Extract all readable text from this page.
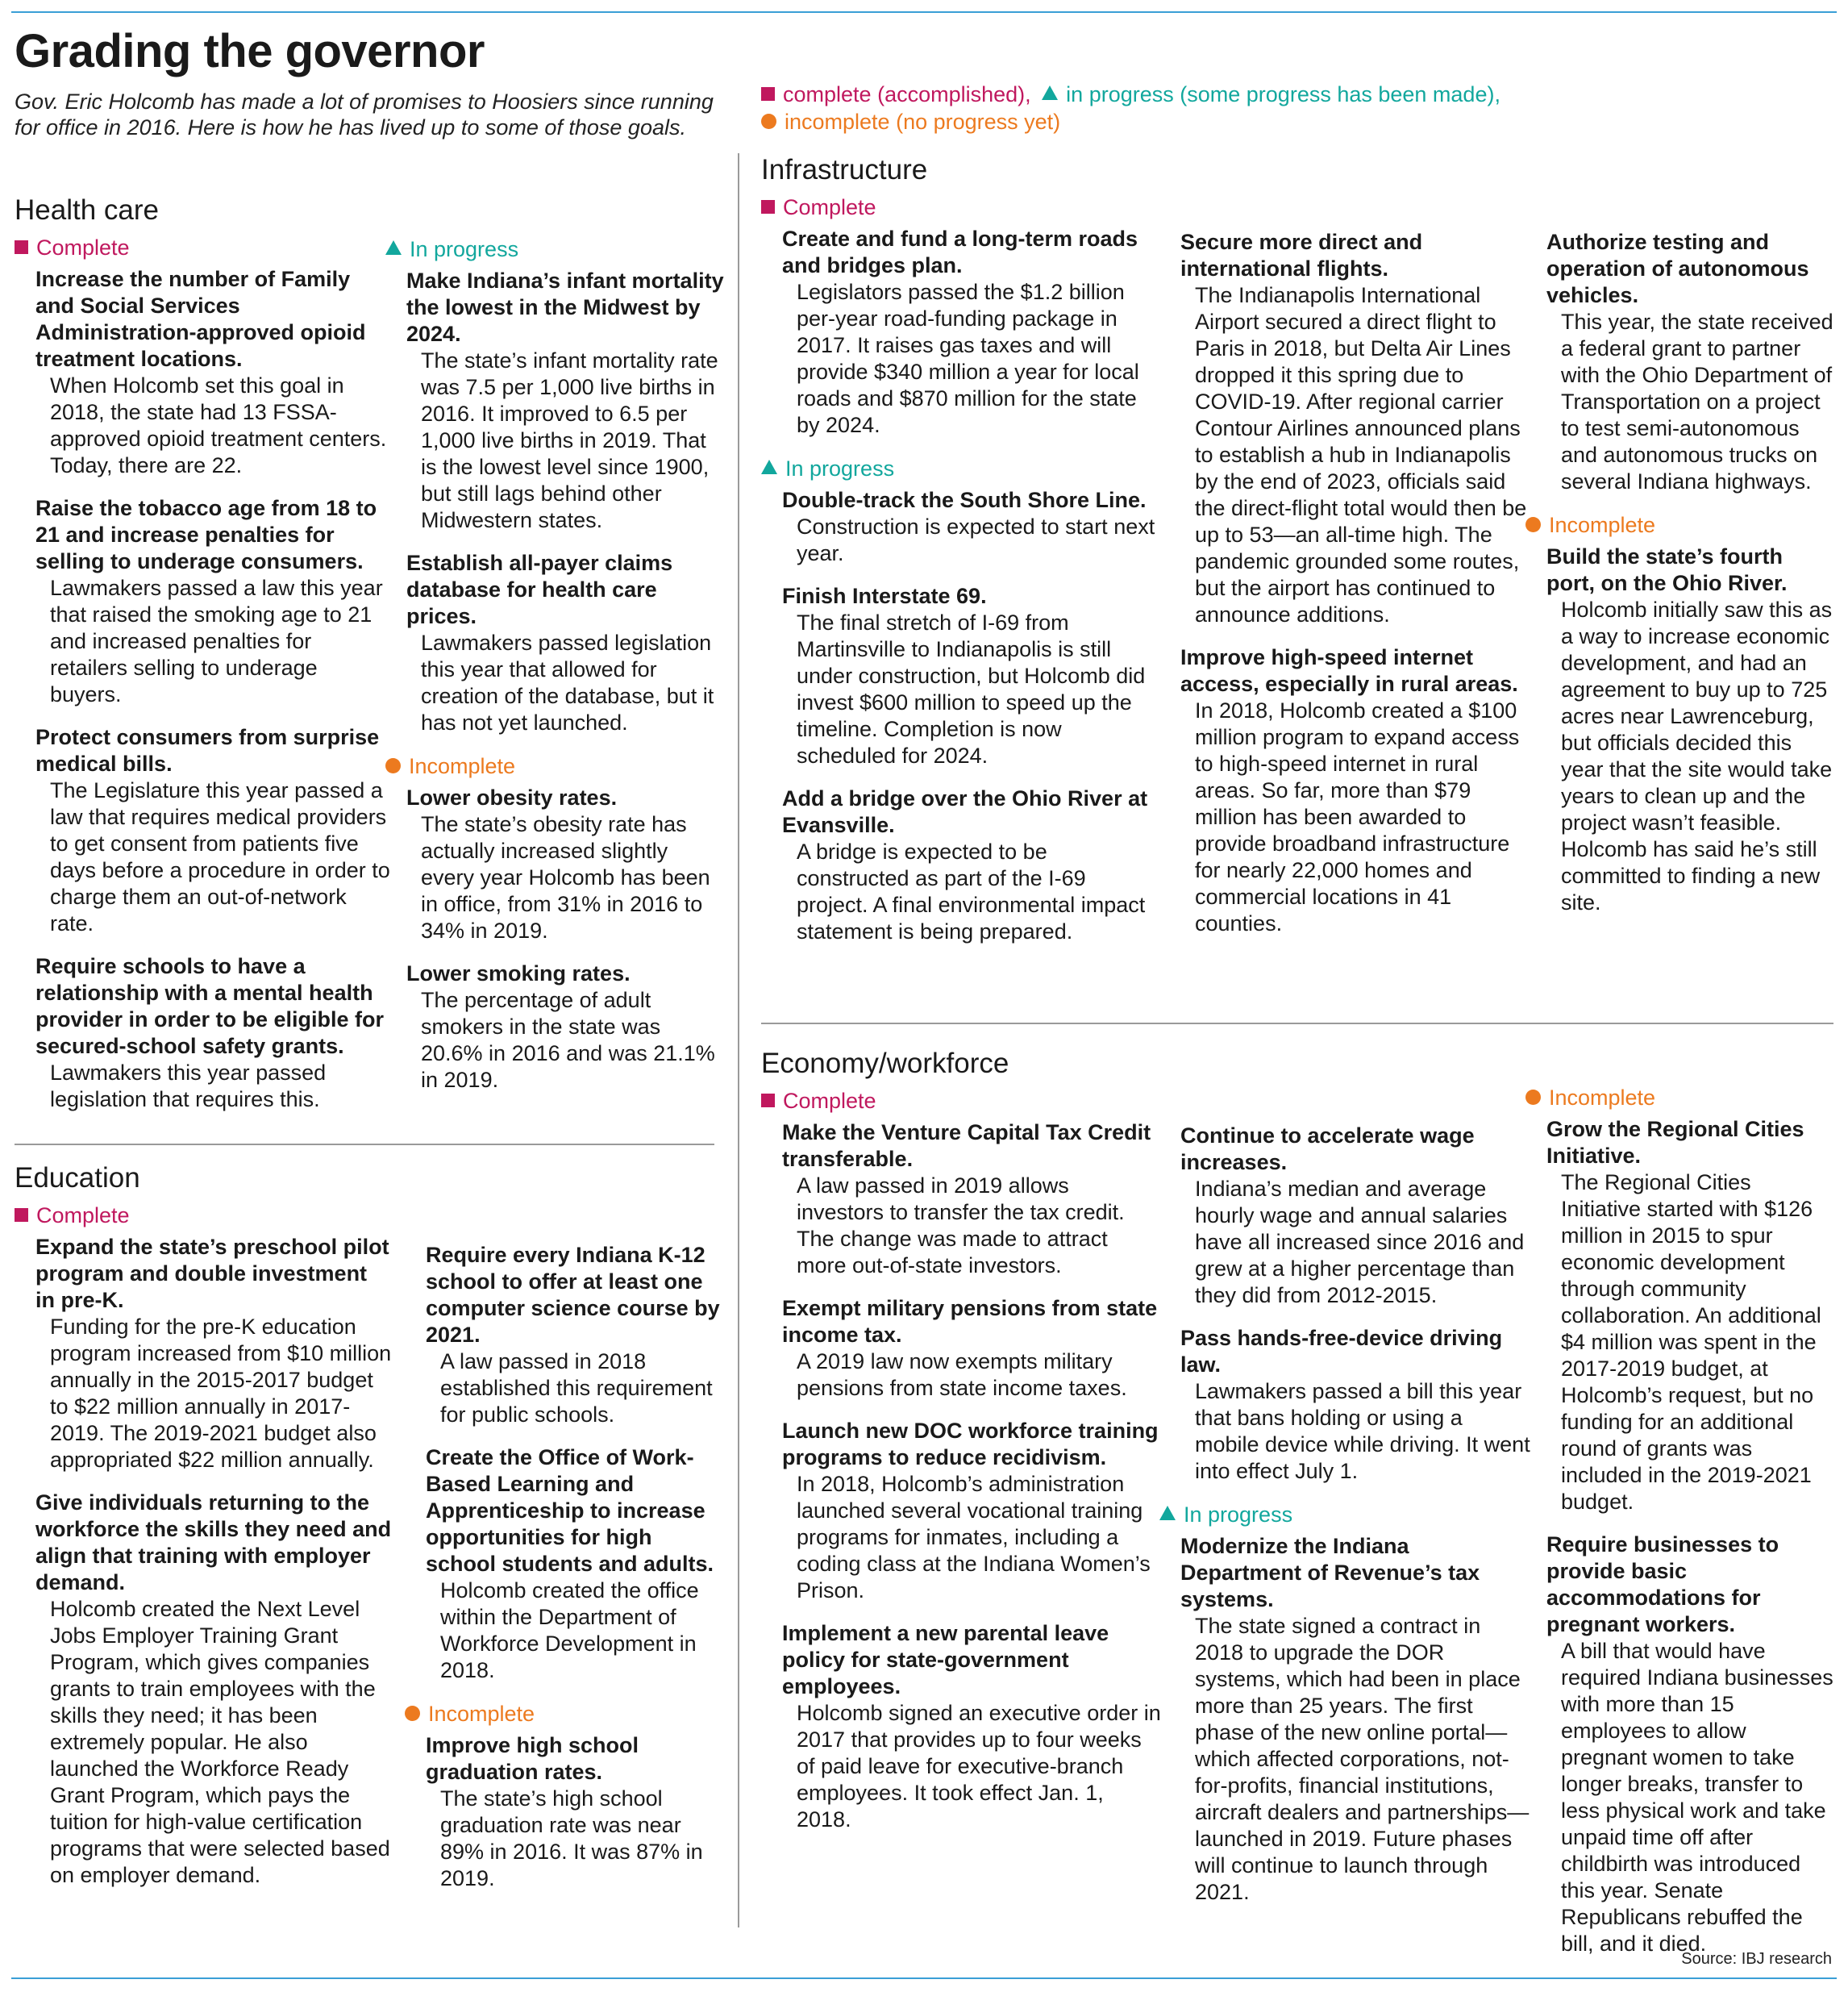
Grading the governor
Gov. Eric Holcomb has made a lot of promises to Hoosiers since running for office in 2016. Here is how he has lived up to some of those goals.
complete (accomplished), in progress (some progress has been made),
incomplete (no progress yet)
Health care
Complete
Increase the number of Family and Social Services Administration-approved opioid treatment locations.
When Holcomb set this goal in 2018, the state had 13 FSSA-approved opioid treatment centers. Today, there are 22.
Raise the tobacco age from 18 to 21 and increase penalties for selling to underage consumers.
Lawmakers passed a law this year that raised the smoking age to 21 and increased penalties for retailers selling to underage buyers.
Protect consumers from surprise medical bills.
The Legislature this year passed a law that requires medical providers to get consent from patients five days before a procedure in order to charge them an out-of-network rate.
Require schools to have a relationship with a mental health provider in order to be eligible for secured-school safety grants.
Lawmakers this year passed legislation that requires this.
In progress
Make Indiana’s infant mortality the lowest in the Midwest by 2024.
The state’s infant mortality rate was 7.5 per 1,000 live births in 2016. It improved to 6.5 per 1,000 live births in 2019. That is the lowest level since 1900, but still lags behind other Midwestern states.
Establish all-payer claims database for health care prices.
Lawmakers passed legislation this year that allowed for creation of the database, but it has not yet launched.
Incomplete
Lower obesity rates.
The state’s obesity rate has actually increased slightly every year Holcomb has been in office, from 31% in 2016 to 34% in 2019.
Lower smoking rates.
The percentage of adult smokers in the state was 20.6% in 2016 and was 21.1% in 2019.
Education
Complete
Expand the state’s preschool pilot program and double investment in pre-K.
Funding for the pre-K education program increased from $10 million annually in the 2015-2017 budget to $22 million annually in 2017-2019. The 2019-2021 budget also appropriated $22 million annually.
Give individuals returning to the workforce the skills they need and align that training with employer demand.
Holcomb created the Next Level Jobs Employer Training Grant Program, which gives companies grants to train employees with the skills they need; it has been extremely popular. He also launched the Workforce Ready Grant Program, which pays the tuition for high-value certification programs that were selected based on employer demand.
Require every Indiana K-12 school to offer at least one computer science course by 2021.
A law passed in 2018 established this requirement for public schools.
Create the Office of Work-Based Learning and Apprenticeship to increase opportunities for high school students and adults.
Holcomb created the office within the Department of Workforce Development in 2018.
Incomplete
Improve high school graduation rates.
The state’s high school graduation rate was near 89% in 2016. It was 87% in 2019.
Infrastructure
Complete
Create and fund a long-term roads and bridges plan.
Legislators passed the $1.2 billion per-year road-funding package in 2017. It raises gas taxes and will provide $340 million a year for local roads and $870 million for the state by 2024.
In progress
Double-track the South Shore Line.
Construction is expected to start next year.
Finish Interstate 69.
The final stretch of I-69 from Martinsville to Indianapolis is still under construction, but Holcomb did invest $600 million to speed up the timeline. Completion is now scheduled for 2024.
Add a bridge over the Ohio River at Evansville.
A bridge is expected to be constructed as part of the I-69 project. A final environmental impact statement is being prepared.
Secure more direct and international flights.
The Indianapolis International Airport secured a direct flight to Paris in 2018, but Delta Air Lines dropped it this spring due to COVID-19. After regional carrier Contour Airlines announced plans to establish a hub in Indianapolis by the end of 2023, officials said the direct-flight total would then be up to 53—an all-time high. The pandemic grounded some routes, but the airport has continued to announce additions.
Improve high-speed internet access, especially in rural areas.
In 2018, Holcomb created a $100 million program to expand access to high-speed internet in rural areas. So far, more than $79 million has been awarded to provide broadband infrastructure for nearly 22,000 homes and commercial locations in 41 counties.
Authorize testing and operation of autonomous vehicles.
This year, the state received a federal grant to partner with the Ohio Department of Transportation on a project to test semi-autonomous and autonomous trucks on several Indiana highways.
Incomplete
Build the state’s fourth port, on the Ohio River.
Holcomb initially saw this as a way to increase economic development, and had an agreement to buy up to 725 acres near Lawrenceburg, but officials decided this year that the site would take years to clean up and the project wasn’t feasible. Holcomb has said he’s still committed to finding a new site.
Economy/workforce
Complete
Make the Venture Capital Tax Credit transferable.
A law passed in 2019 allows investors to transfer the tax credit. The change was made to attract more out-of-state investors.
Exempt military pensions from state income tax.
A 2019 law now exempts military pensions from state income taxes.
Launch new DOC workforce training programs to reduce recidivism.
In 2018, Holcomb’s administration launched several vocational training programs for inmates, including a coding class at the Indiana Women’s Prison.
Implement a new parental leave policy for state-government employees.
Holcomb signed an executive order in 2017 that provides up to four weeks of paid leave for executive-branch employees. It took effect Jan. 1, 2018.
Continue to accelerate wage increases.
Indiana’s median and average hourly wage and annual salaries have all increased since 2016 and grew at a higher percentage than they did from 2012-2015.
Pass hands-free-device driving law.
Lawmakers passed a bill this year that bans holding or using a mobile device while driving. It went into effect July 1.
In progress
Modernize the Indiana Department of Revenue’s tax systems.
The state signed a contract in 2018 to upgrade the DOR systems, which had been in place more than 25 years. The first phase of the new online portal—which affected corporations, not-for-profits, financial institutions, aircraft dealers and partnerships—launched in 2019. Future phases will continue to launch through 2021.
Incomplete
Grow the Regional Cities Initiative.
The Regional Cities Initiative started with $126 million in 2015 to spur economic development through community collaboration. An additional $4 million was spent in the 2017-2019 budget, at Holcomb’s request, but no funding for an additional round of grants was included in the 2019-2021 budget.
Require businesses to provide basic accommodations for pregnant workers.
A bill that would have required Indiana businesses with more than 15 employees to allow pregnant women to take longer breaks, transfer to less physical work and take unpaid time off after childbirth was introduced this year. Senate Republicans rebuffed the bill, and it died.
Source: IBJ research
